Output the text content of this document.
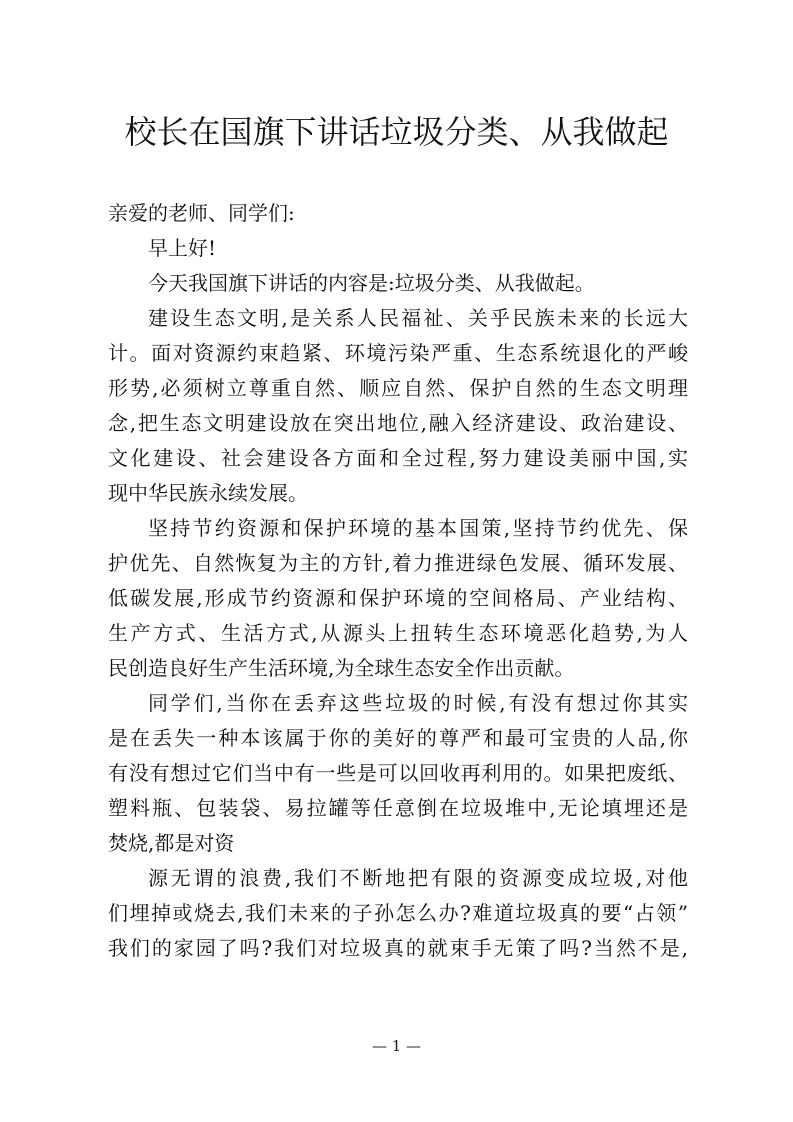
校长在国旗下讲话垃圾分类、从我做起
亲爱的老师、同学们:
早上好!
今天我国旗下讲话的内容是:垃圾分类、从我做起。
建设生态文明,是关系人民福祉、关乎民族未来的长远大
计。面对资源约束趋紧、环境污染严重、生态系统退化的严峻
形势,必须树立尊重自然、顺应自然、保护自然的生态文明理
念,把生态文明建设放在突出地位,融入经济建设、政治建设、
文化建设、社会建设各方面和全过程,努力建设美丽中国,实
现中华民族永续发展。
坚持节约资源和保护环境的基本国策,坚持节约优先、保
护优先、自然恢复为主的方针,着力推进绿色发展、循环发展、
低碳发展,形成节约资源和保护环境的空间格局、产业结构、
生产方式、生活方式,从源头上扭转生态环境恶化趋势,为人
民创造良好生产生活环境,为全球生态安全作出贡献。
同学们,当你在丢弃这些垃圾的时候,有没有想过你其实
是在丢失一种本该属于你的美好的尊严和最可宝贵的人品,你
有没有想过它们当中有一些是可以回收再利用的。如果把废纸、
塑料瓶、包装袋、易拉罐等任意倒在垃圾堆中,无论填埋还是
焚烧,都是对资
源无谓的浪费,我们不断地把有限的资源变成垃圾,对他
们埋掉或烧去,我们未来的子孙怎么办?难道垃圾真的要“占领”
我们的家园了吗?我们对垃圾真的就束手无策了吗?当然不是,
— 1 —
